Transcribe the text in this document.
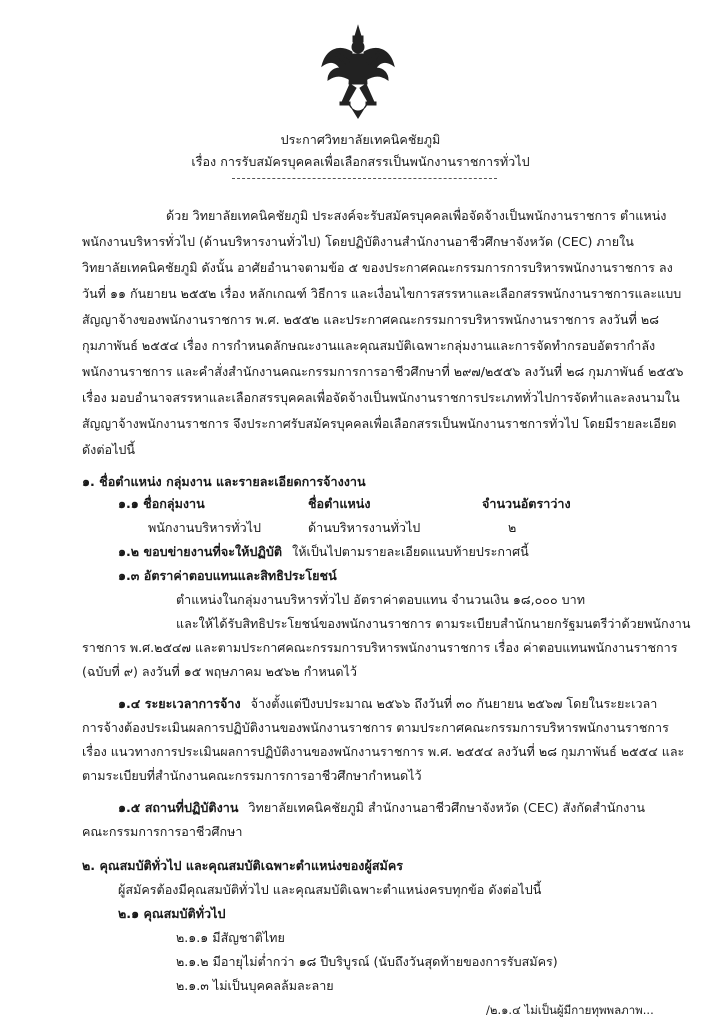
ประกาศวิทยาลัยเทคนิคชัยภูมิ
เรื่อง การรับสมัครบุคคลเพื่อเลือกสรรเป็นพนักงานราชการทั่วไป
ด้วย วิทยาลัยเทคนิคชัยภูมิ ประสงค์จะรับสมัครบุคคลเพื่อจัดจ้างเป็นพนักงานราชการ ตำแหน่ง
พนักงานบริหารทั่วไป (ด้านบริหารงานทั่วไป) โดยปฏิบัติงานสำนักงานอาชีวศึกษาจังหวัด (CEC) ภายใน
วิทยาลัยเทคนิคชัยภูมิ ดังนั้น อาศัยอำนาจตามข้อ ๕ ของประกาศคณะกรรมการการบริหารพนักงานราชการ ลง
วันที่ ๑๑ กันยายน ๒๕๕๒ เรื่อง หลักเกณฑ์ วิธีการ และเงื่อนไขการสรรหาและเลือกสรรพนักงานราชการและแบบ
สัญญาจ้างของพนักงานราชการ พ.ศ. ๒๕๕๒ และประกาศคณะกรรมการบริหารพนักงานราชการ ลงวันที่ ๒๘
กุมภาพันธ์ ๒๕๕๔ เรื่อง การกำหนดลักษณะงานและคุณสมบัติเฉพาะกลุ่มงานและการจัดทำกรอบอัตรากำลัง
พนักงานราชการ และคำสั่งสำนักงานคณะกรรมการการอาชีวศึกษาที่ ๒๙๗/๒๕๕๖ ลงวันที่ ๒๘ กุมภาพันธ์ ๒๕๕๖
เรื่อง มอบอำนาจสรรหาและเลือกสรรบุคคลเพื่อจัดจ้างเป็นพนักงานราชการประเภททั่วไปการจัดทำและลงนามใน
สัญญาจ้างพนักงานราชการ จึงประกาศรับสมัครบุคคลเพื่อเลือกสรรเป็นพนักงานราชการทั่วไป โดยมีรายละเอียด
ดังต่อไปนี้
๑. ชื่อตำแหน่ง กลุ่มงาน และรายละเอียดการจ้างงาน
๑.๑ ชื่อกลุ่มงาน	ชื่อตำแหน่ง	จำนวนอัตราว่าง
พนักงานบริหารทั่วไป	ด้านบริหารงานทั่วไป	๒
๑.๒ ขอบข่ายงานที่จะให้ปฏิบัติ ให้เป็นไปตามรายละเอียดแนบท้ายประกาศนี้
๑.๓ อัตราค่าตอบแทนและสิทธิประโยชน์
ตำแหน่งในกลุ่มงานบริหารทั่วไป อัตราค่าตอบแทน จำนวนเงิน ๑๘,๐๐๐ บาท
และให้ได้รับสิทธิประโยชน์ของพนักงานราชการ ตามระเบียบสำนักนายกรัฐมนตรีว่าด้วยพนักงาน
ราชการ พ.ศ.๒๕๔๗ และตามประกาศคณะกรรมการบริหารพนักงานราชการ เรื่อง ค่าตอบแทนพนักงานราชการ
(ฉบับที่ ๙) ลงวันที่ ๑๕ พฤษภาคม ๒๕๖๒ กำหนดไว้
๑.๔ ระยะเวลาการจ้าง จ้างตั้งแต่ปีงบประมาณ ๒๕๖๖ ถึงวันที่ ๓๐ กันยายน ๒๕๖๗ โดยในระยะเวลา
การจ้างต้องประเมินผลการปฏิบัติงานของพนักงานราชการ ตามประกาศคณะกรรมการบริหารพนักงานราชการ
เรื่อง แนวทางการประเมินผลการปฏิบัติงานของพนักงานราชการ พ.ศ. ๒๕๕๔ ลงวันที่ ๒๘ กุมภาพันธ์ ๒๕๕๔ และ
ตามระเบียบที่สำนักงานคณะกรรมการการอาชีวศึกษากำหนดไว้
๑.๕ สถานที่ปฏิบัติงาน วิทยาลัยเทคนิคชัยภูมิ สำนักงานอาชีวศึกษาจังหวัด (CEC) สังกัดสำนักงาน
คณะกรรมการการอาชีวศึกษา
๒. คุณสมบัติทั่วไป และคุณสมบัติเฉพาะตำแหน่งของผู้สมัคร
ผู้สมัครต้องมีคุณสมบัติทั่วไป และคุณสมบัติเฉพาะตำแหน่งครบทุกข้อ ดังต่อไปนี้
๒.๑ คุณสมบัติทั่วไป
๒.๑.๑ มีสัญชาติไทย
๒.๑.๒ มีอายุไม่ต่ำกว่า ๑๘ ปีบริบูรณ์ (นับถึงวันสุดท้ายของการรับสมัคร)
๒.๑.๓ ไม่เป็นบุคคลล้มละลาย
/๒.๑.๔ ไม่เป็นผู้มีกายทุพพลภาพ...
